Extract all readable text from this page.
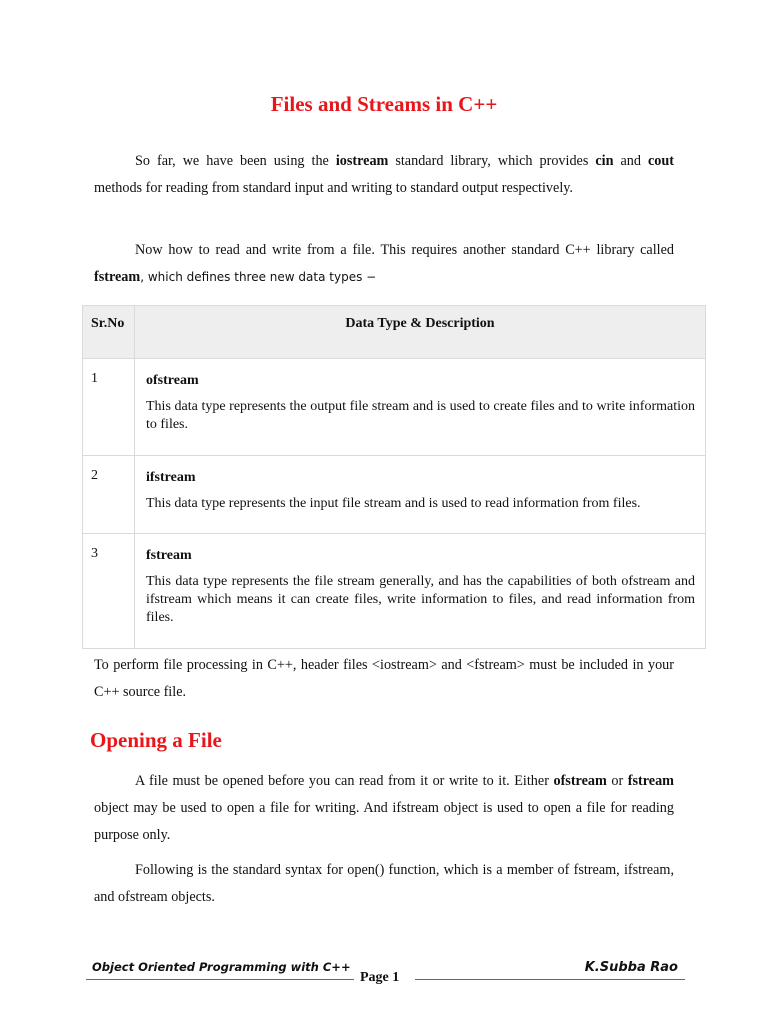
Files and Streams in C++
So far, we have been using the iostream standard library, which provides cin and cout methods for reading from standard input and writing to standard output respectively.
Now how to read and write from a file. This requires another standard C++ library called fstream, which defines three new data types −
Sr.No	Data Type & Description
1	ofstream
This data type represents the output file stream and is used to create files and to write information to files.

2	ifstream
This data type represents the input file stream and is used to read information from files.

3	fstream
This data type represents the file stream generally, and has the capabilities of both ofstream and ifstream which means it can create files, write information to files, and read information from files.
To perform file processing in C++, header files <iostream> and <fstream> must be included in your C++ source file.
Opening a File
A file must be opened before you can read from it or write to it. Either ofstream or fstream object may be used to open a file for writing. And ifstream object is used to open a file for reading purpose only.
Following is the standard syntax for open() function, which is a member of fstream, ifstream, and ofstream objects.
Object Oriented Programming with C++
Page 1
K.Subba Rao
